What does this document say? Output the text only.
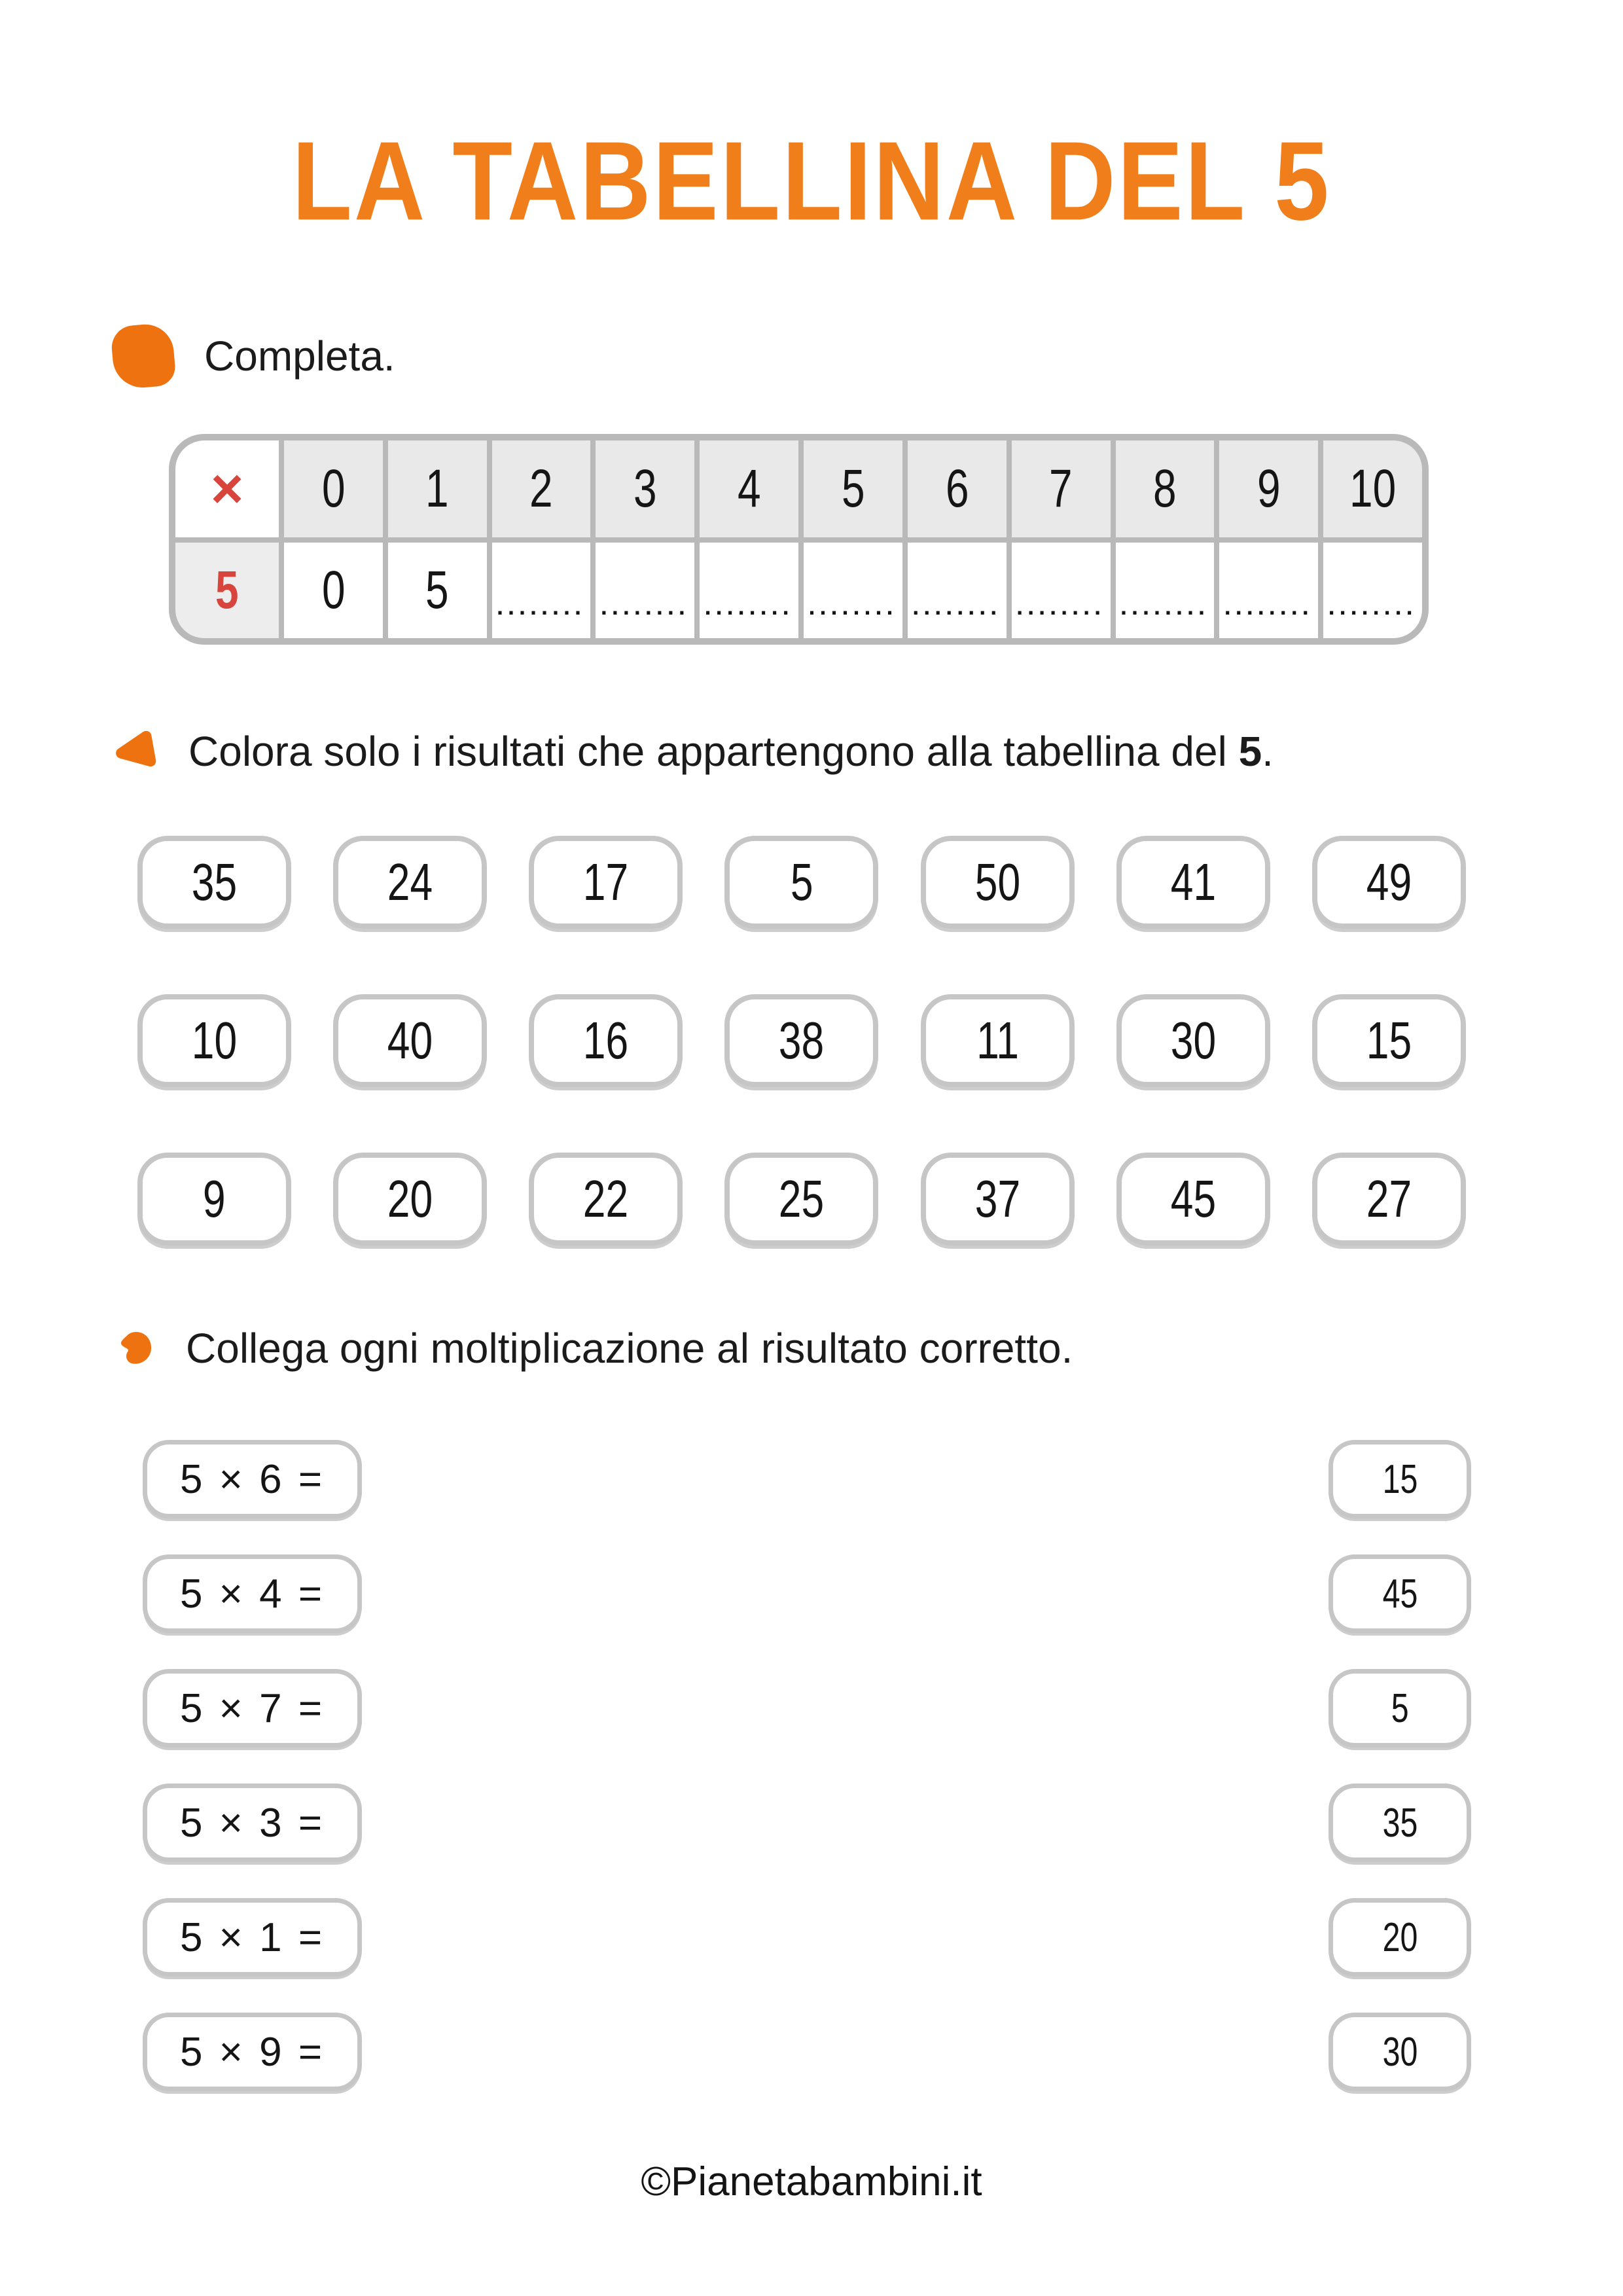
LA TABELLINA DEL 5
Completa.
× 0 1 2 3 4 5 6 7 8 9 10
5 0 5 ........ ........ ........ ........ ........ ........ ........ ........ ........
Colora solo i risultati che appartengono alla tabellina del 5.
35	24	17	5	50	41	49
10	40	16	38	11	30	15
9	20	22	25	37	45	27
Collega ogni moltiplicazione al risultato corretto.
5 × 6 =
5 × 4 =
5 × 7 =
5 × 3 =
5 × 1 =
5 × 9 =
15
45
5
35
20
30
©Pianetabambini.it
